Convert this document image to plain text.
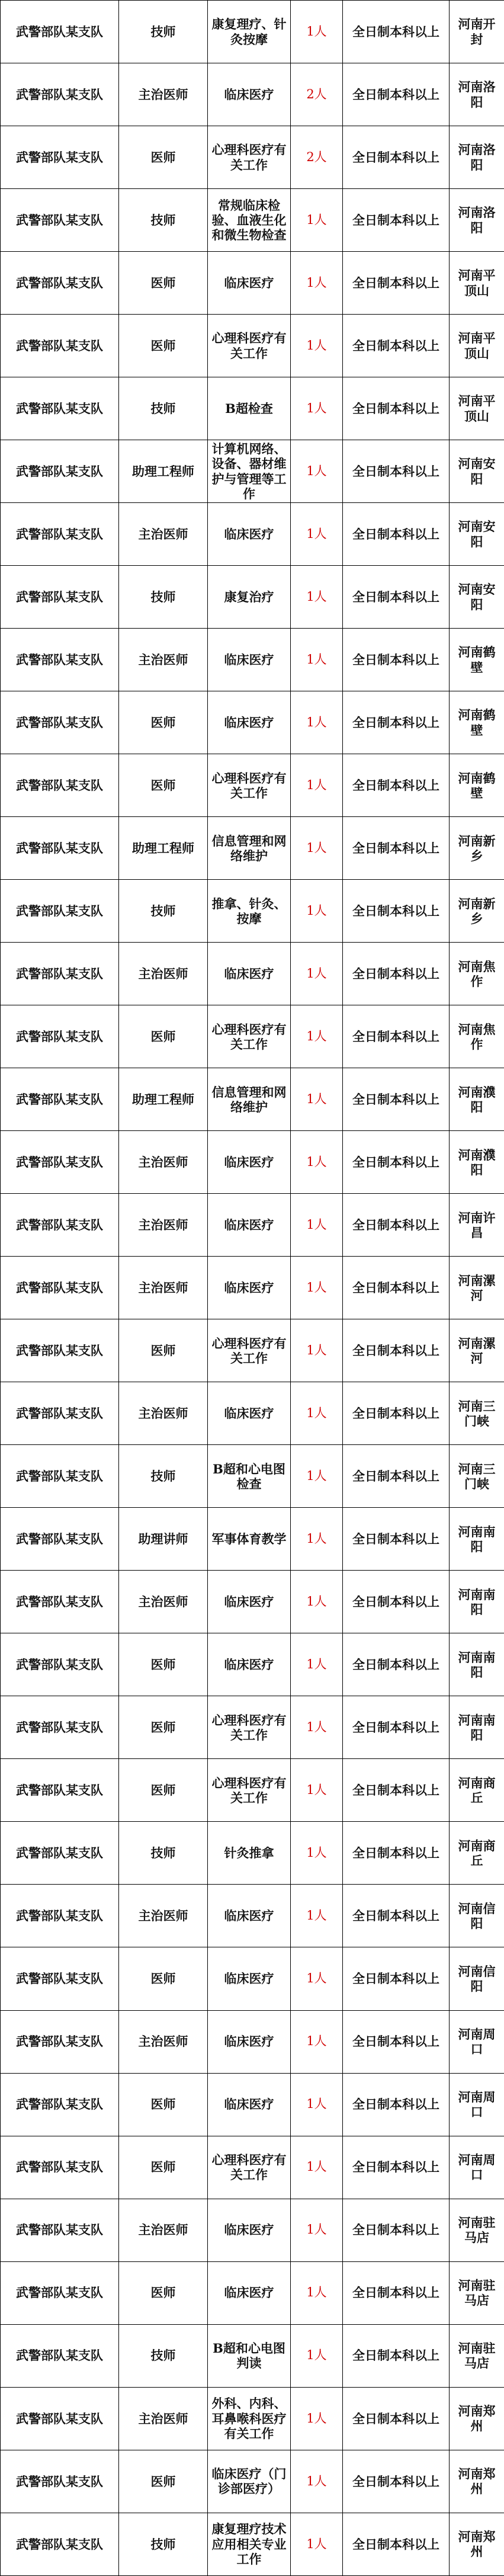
武警部队某支队	技师	康复理疗、针灸按摩	1人	全日制本科以上	河南开封
武警部队某支队	主治医师	临床医疗	2人	全日制本科以上	河南洛阳
武警部队某支队	医师	心理科医疗有关工作	2人	全日制本科以上	河南洛阳
武警部队某支队	技师	常规临床检验、血液生化和微生物检查	1人	全日制本科以上	河南洛阳
武警部队某支队	医师	临床医疗	1人	全日制本科以上	河南平顶山
武警部队某支队	医师	心理科医疗有关工作	1人	全日制本科以上	河南平顶山
武警部队某支队	技师	B超检查	1人	全日制本科以上	河南平顶山
武警部队某支队	助理工程师	计算机网络、设备、器材维护与管理等工作	1人	全日制本科以上	河南安阳
武警部队某支队	主治医师	临床医疗	1人	全日制本科以上	河南安阳
武警部队某支队	技师	康复治疗	1人	全日制本科以上	河南安阳
武警部队某支队	主治医师	临床医疗	1人	全日制本科以上	河南鹤壁
武警部队某支队	医师	临床医疗	1人	全日制本科以上	河南鹤壁
武警部队某支队	医师	心理科医疗有关工作	1人	全日制本科以上	河南鹤壁
武警部队某支队	助理工程师	信息管理和网络维护	1人	全日制本科以上	河南新乡
武警部队某支队	技师	推拿、针灸、按摩	1人	全日制本科以上	河南新乡
武警部队某支队	主治医师	临床医疗	1人	全日制本科以上	河南焦作
武警部队某支队	医师	心理科医疗有关工作	1人	全日制本科以上	河南焦作
武警部队某支队	助理工程师	信息管理和网络维护	1人	全日制本科以上	河南濮阳
武警部队某支队	主治医师	临床医疗	1人	全日制本科以上	河南濮阳
武警部队某支队	主治医师	临床医疗	1人	全日制本科以上	河南许昌
武警部队某支队	主治医师	临床医疗	1人	全日制本科以上	河南漯河
武警部队某支队	医师	心理科医疗有关工作	1人	全日制本科以上	河南漯河
武警部队某支队	主治医师	临床医疗	1人	全日制本科以上	河南三门峡
武警部队某支队	技师	B超和心电图检查	1人	全日制本科以上	河南三门峡
武警部队某支队	助理讲师	军事体育教学	1人	全日制本科以上	河南南阳
武警部队某支队	主治医师	临床医疗	1人	全日制本科以上	河南南阳
武警部队某支队	医师	临床医疗	1人	全日制本科以上	河南南阳
武警部队某支队	医师	心理科医疗有关工作	1人	全日制本科以上	河南南阳
武警部队某支队	医师	心理科医疗有关工作	1人	全日制本科以上	河南商丘
武警部队某支队	技师	针灸推拿	1人	全日制本科以上	河南商丘
武警部队某支队	主治医师	临床医疗	1人	全日制本科以上	河南信阳
武警部队某支队	医师	临床医疗	1人	全日制本科以上	河南信阳
武警部队某支队	主治医师	临床医疗	1人	全日制本科以上	河南周口
武警部队某支队	医师	临床医疗	1人	全日制本科以上	河南周口
武警部队某支队	医师	心理科医疗有关工作	1人	全日制本科以上	河南周口
武警部队某支队	主治医师	临床医疗	1人	全日制本科以上	河南驻马店
武警部队某支队	医师	临床医疗	1人	全日制本科以上	河南驻马店
武警部队某支队	技师	B超和心电图判读	1人	全日制本科以上	河南驻马店
武警部队某支队	主治医师	外科、内科、耳鼻喉科医疗有关工作	1人	全日制本科以上	河南郑州
武警部队某支队	医师	临床医疗（门诊部医疗）	1人	全日制本科以上	河南郑州
武警部队某支队	技师	康复理疗技术应用相关专业工作	1人	全日制本科以上	河南郑州
